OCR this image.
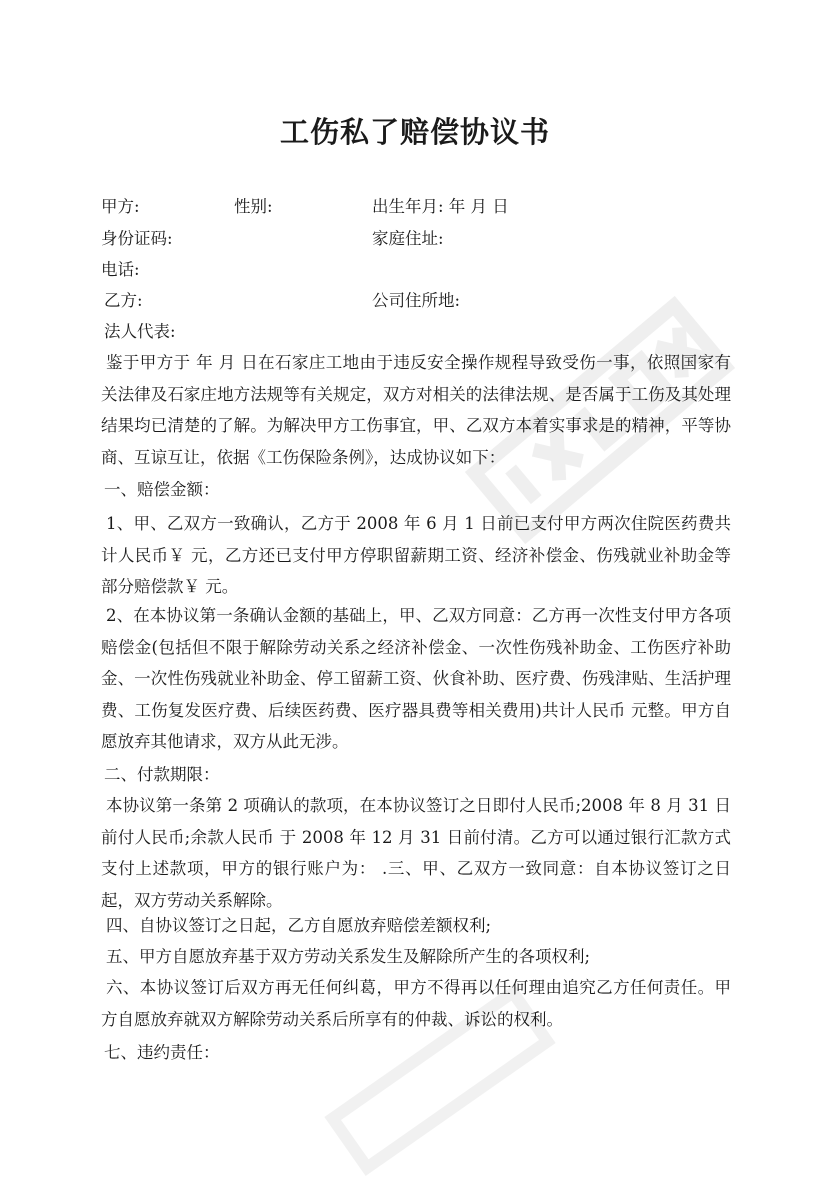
工伤私了赔偿协议书
甲方:	性别:	出生年月: 年 月 日
身份证码:	家庭住址:
电话:
乙方:	公司住所地:
法人代表:
鉴于甲方于 年 月 日在石家庄工地由于违反安全操作规程导致受伤一事，依照国家有关法律及石家庄地方法规等有关规定，双方对相关的法律法规、是否属于工伤及其处理结果均已清楚的了解。为解决甲方工伤事宜，甲、乙双方本着实事求是的精神，平等协商、互谅互让，依据《工伤保险条例》，达成协议如下：
一、赔偿金额：
1、甲、乙双方一致确认，乙方于 2008 年 6 月 1 日前已支付甲方两次住院医药费共计人民币￥ 元，乙方还已支付甲方停职留薪期工资、经济补偿金、伤残就业补助金等部分赔偿款￥ 元。
2、在本协议第一条确认金额的基础上，甲、乙双方同意：乙方再一次性支付甲方各项赔偿金(包括但不限于解除劳动关系之经济补偿金、一次性伤残补助金、工伤医疗补助金、一次性伤残就业补助金、停工留薪工资、伙食补助、医疗费、伤残津贴、生活护理费、工伤复发医疗费、后续医药费、医疗器具费等相关费用)共计人民币 元整。甲方自愿放弃其他请求，双方从此无涉。
二、付款期限：
本协议第一条第 2 项确认的款项，在本协议签订之日即付人民币;2008 年 8 月 31 日前付人民币;余款人民币 于 2008 年 12 月 31 日前付清。乙方可以通过银行汇款方式支付上述款项，甲方的银行账户为： .三、甲、乙双方一致同意：自本协议签订之日起，双方劳动关系解除。
四、自协议签订之日起，乙方自愿放弃赔偿差额权利;
五、甲方自愿放弃基于双方劳动关系发生及解除所产生的各项权利;
六、本协议签订后双方再无任何纠葛，甲方不得再以任何理由追究乙方任何责任。甲方自愿放弃就双方解除劳动关系后所享有的仲裁、诉讼的权利。
七、违约责任：
